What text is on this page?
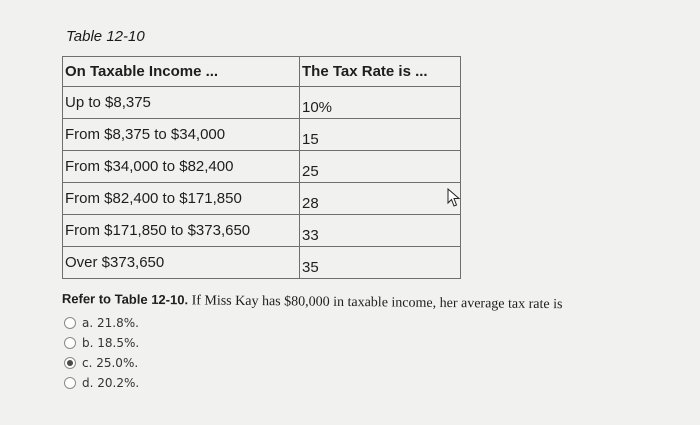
Table 12-10
On Taxable Income ...	The Tax Rate is ...
Up to $8,375	10%
From $8,375 to $34,000	15
From $34,000 to $82,400	25
From $82,400 to $171,850	28
From $171,850 to $373,650	33
Over $373,650	35
Refer to Table 12-10. If Miss Kay has $80,000 in taxable income, her average tax rate is
a. 21.8%.
b. 18.5%.
c. 25.0%.
d. 20.2%.
